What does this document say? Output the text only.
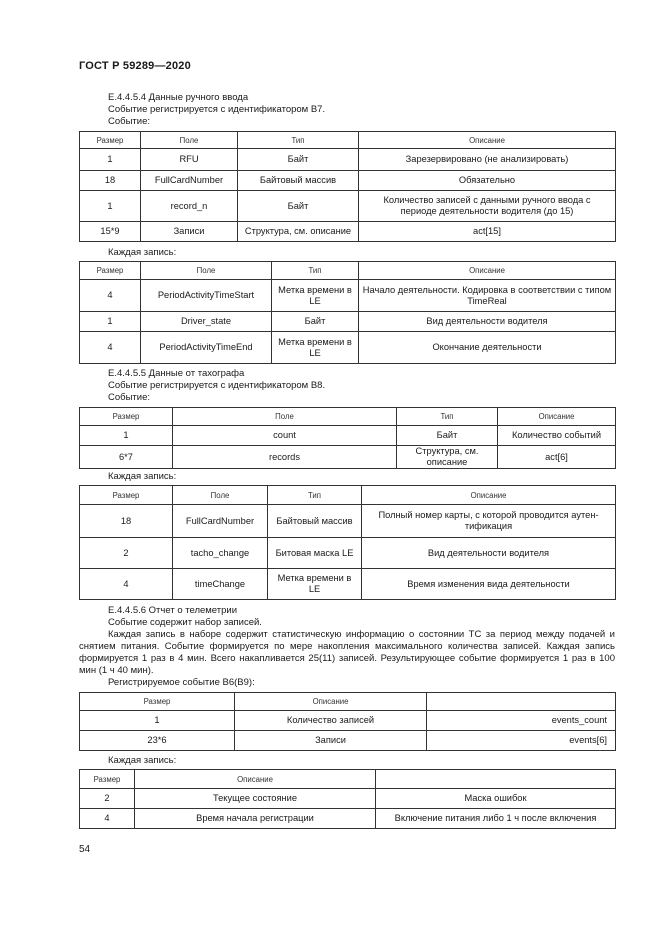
ГОСТ Р 59289—2020
Е.4.4.5.4 Данные ручного ввода
Событие регистрируется с идентификатором В7.
Событие:
Размер	Поле	Тип	Описание
1	RFU	Байт	Зарезервировано (не анализировать)
18	FullCardNumber	Байтовый массив	Обязательно
1	record_n	Байт	Количество записей с данными ручного ввода с периоде деятельности водителя (до 15)
15*9	Записи	Структура, см. описание	act[15]
Каждая запись:
Размер	Поле	Тип	Описание
4	PeriodActivityTimeStart	Метка времени в LE	Начало деятельности. Кодировка в соответствии с типом TimeReal
1	Driver_state	Байт	Вид деятельности водителя
4	PeriodActivityTimeEnd	Метка времени в LE	Окончание деятельности
Е.4.4.5.5 Данные от тахографа
Событие регистрируется с идентификатором В8.
Событие:
Размер	Поле	Тип	Описание
1	count	Байт	Количество событий
6*7	records	Структура, см. описание	act[6]
Каждая запись:
Размер	Поле	Тип	Описание
18	FullCardNumber	Байтовый массив	Полный номер карты, с которой проводится аутен- тификация
2	tacho_change	Битовая маска LE	Вид деятельности водителя
4	timeChange	Метка времени в LE	Время изменения вида деятельности
Е.4.4.5.6 Отчет о телеметрии
Событие содержит набор записей.
Каждая запись в наборе содержит статистическую информацию о состоянии ТС за период между подачей и снятием питания. Событие формируется по мере накопления максимального количества записей. Каждая запись формируется 1 раз в 4 мин. Всего накапливается 25(11) записей. Результирующее событие формируется 1 раз в 100 мин (1 ч 40 мин).
Регистрируемое событие В6(В9):
Размер	Описание	
1	Количество записей	events_count
23*6	Записи	events[6]
Каждая запись:
Размер	Описание	
2	Текущее состояние	Маска ошибок
4	Время начала регистрации	Включение питания либо 1 ч после включения
54
